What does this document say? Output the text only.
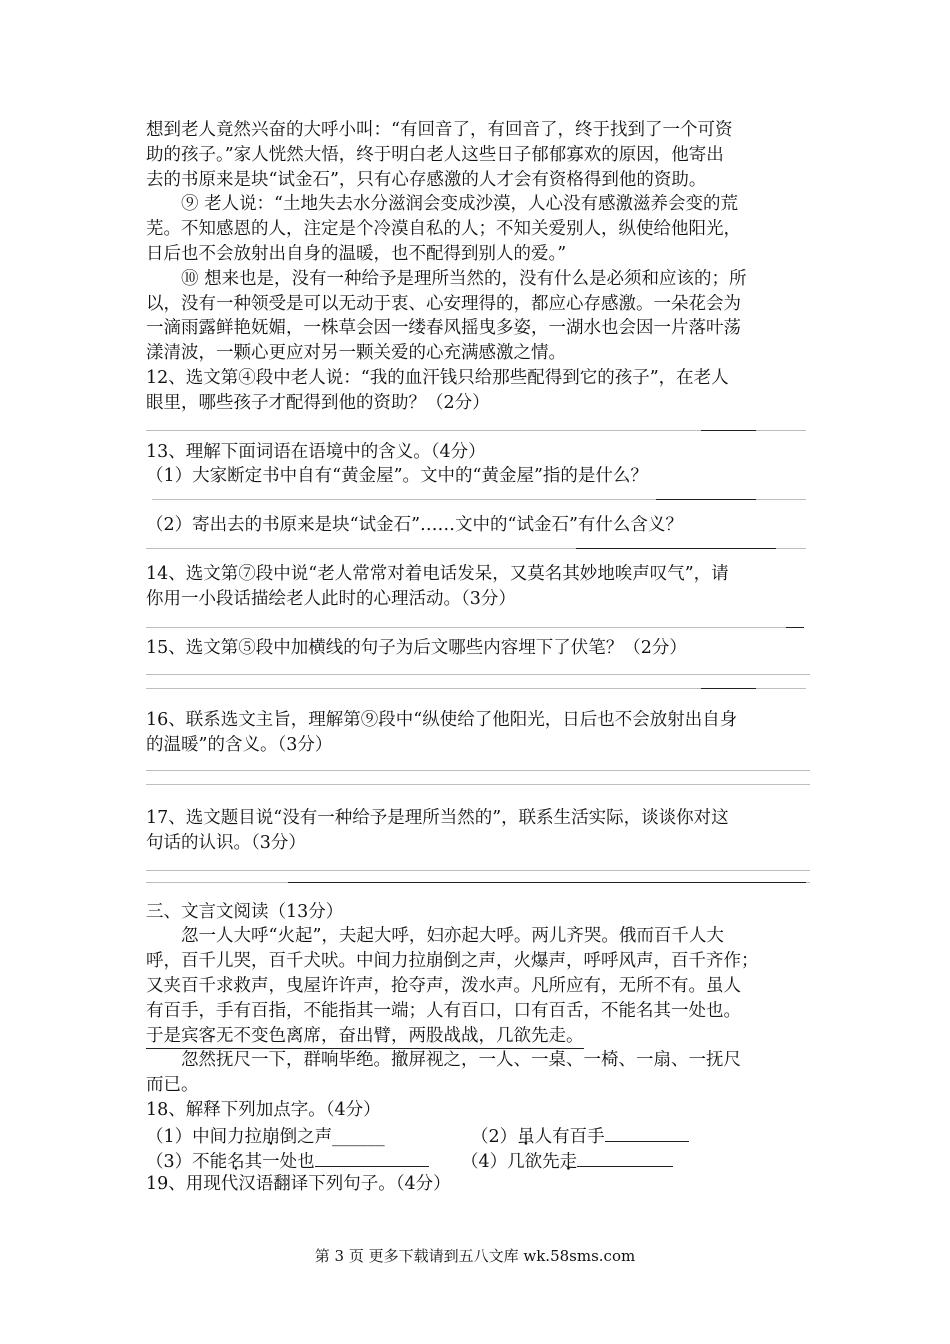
想到老人竟然兴奋的大呼小叫：“有回音了，有回音了，终于找到了一个可资
助的孩子。”家人恍然大悟，终于明白老人这些日子郁郁寡欢的原因，他寄出
去的书原来是块“试金石”，只有心存感激的人才会有资格得到他的资助。
⑨ 老人说：“土地失去水分滋润会变成沙漠，人心没有感激滋养会变的荒
芜。不知感恩的人，注定是个冷漠自私的人；不知关爱别人，纵使给他阳光，
日后也不会放射出自身的温暖，也不配得到别人的爱。”
⑩ 想来也是，没有一种给予是理所当然的，没有什么是必须和应该的；所
以，没有一种领受是可以无动于衷、心安理得的，都应心存感激。一朵花会为
一滴雨露鲜艳妩媚，一株草会因一缕春风摇曳多姿，一湖水也会因一片落叶荡
漾清波，一颗心更应对另一颗关爱的心充满感激之情。
12、选文第④段中老人说：“我的血汗钱只给那些配得到它的孩子”，在老人
眼里，哪些孩子才配得到他的资助？（2分）
13、理解下面词语在语境中的含义。（4分）
（1）大家断定书中自有“黄金屋”。文中的“黄金屋”指的是什么？
（2）寄出去的书原来是块“试金石”……文中的“试金石”有什么含义？
14、选文第⑦段中说“老人常常对着电话发呆，又莫名其妙地唉声叹气”，请
你用一小段话描绘老人此时的心理活动。（3分）
15、选文第⑤段中加横线的句子为后文哪些内容埋下了伏笔？（2分）
16、联系选文主旨，理解第⑨段中“纵使给了他阳光，日后也不会放射出自身
的温暖”的含义。（3分）
17、选文题目说“没有一种给予是理所当然的”，联系生活实际，谈谈你对这
句话的认识。（3分）
三、文言文阅读（13分）
忽一人大呼“火起”，夫起大呼，妇亦起大呼。两儿齐哭。俄而百千人大
呼，百千儿哭，百千犬吠。中间力拉崩倒之声，火爆声，呼呼风声，百千齐作；
又夹百千求救声，曳屋许许声，抢夺声，泼水声。凡所应有，无所不有。虽人
有百手，手有百指，不能指其一端；人有百口，口有百舌，不能名其一处也。
于是宾客无不变色离席，奋出臂，两股战战，几欲先走。
忽然抚尺一下，群响毕绝。撤屏视之，一人、一桌、一椅、一扇、一抚尺
而已。
18、解释下列加点字。（4分）
（1）中间力拉崩倒之声______	（2）虽人有百手
（3）不能名其一处也	（4）几欲先走
19、用现代汉语翻译下列句子。（4分）
第 3 页 更多下载请到五八文库 wk.58sms.com
